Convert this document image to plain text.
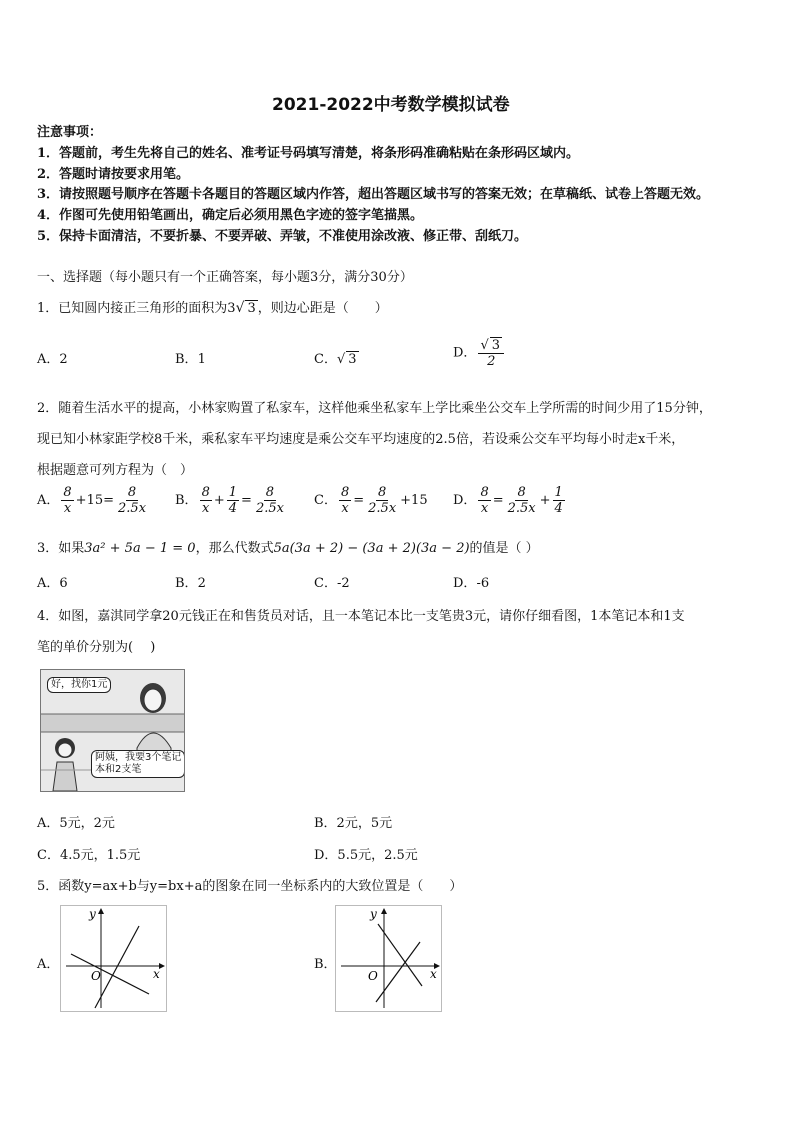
2021-2022中考数学模拟试卷
注意事项：
1．答题前，考生先将自己的姓名、准考证号码填写清楚，将条形码准确粘贴在条形码区域内。
2．答题时请按要求用笔。
3．请按照题号顺序在答题卡各题目的答题区域内作答，超出答题区域书写的答案无效；在草稿纸、试卷上答题无效。
4．作图可先使用铅笔画出，确定后必须用黑色字迹的签字笔描黑。
5．保持卡面清洁，不要折暴、不要弄破、弄皱，不准使用涂改液、修正带、刮纸刀。
一、选择题（每小题只有一个正确答案，每小题3分，满分30分）
1．已知圆内接正三角形的面积为3√ 3 ，则边心距是（　　）
A．2	B．1	C．√ 3	D． $\frac{√ 3}{2}$
2．随着生活水平的提高，小林家购置了私家车，这样他乘坐私家车上学比乘坐公交车上学所需的时间少用了15分钟，
现已知小林家距学校8千米，乘私家车平均速度是乘公交车平均速度的2.5倍，若设乘公交车平均每小时走x千米，
根据题意可列方程为（　）
A． $\frac{8}{x} +15= \frac{8}{2.5x}$ B． $\frac{8}{x} + \frac{1}{4} = \frac{8}{2.5x}$ C． $\frac{8}{x} = \frac{8}{2.5x} +15$ D． $\frac{8}{x} = \frac{8}{2.5x} + \frac{1}{4}$
3．如果3a² + 5a − 1 = 0，那么代数式5a(3a + 2) − (3a + 2)(3a − 2)的值是（ ）
A．6	B．2	C．-2	D．-6
4．如图，嘉淇同学拿20元钱正在和售货员对话，且一本笔记本比一支笔贵3元，请你仔细看图，1本笔记本和1支
笔的单价分别为(　 )
好，找你1元
阿姨，我要3个笔记
本和2支笔
A．5元，2元	B．2元，5元
C．4.5元，1.5元	D．5.5元，2.5元
5．函数y=ax+b与y=bx+a的图象在同一坐标系内的大致位置是（　　）
A．
y
x
O
B．
y
x
O
